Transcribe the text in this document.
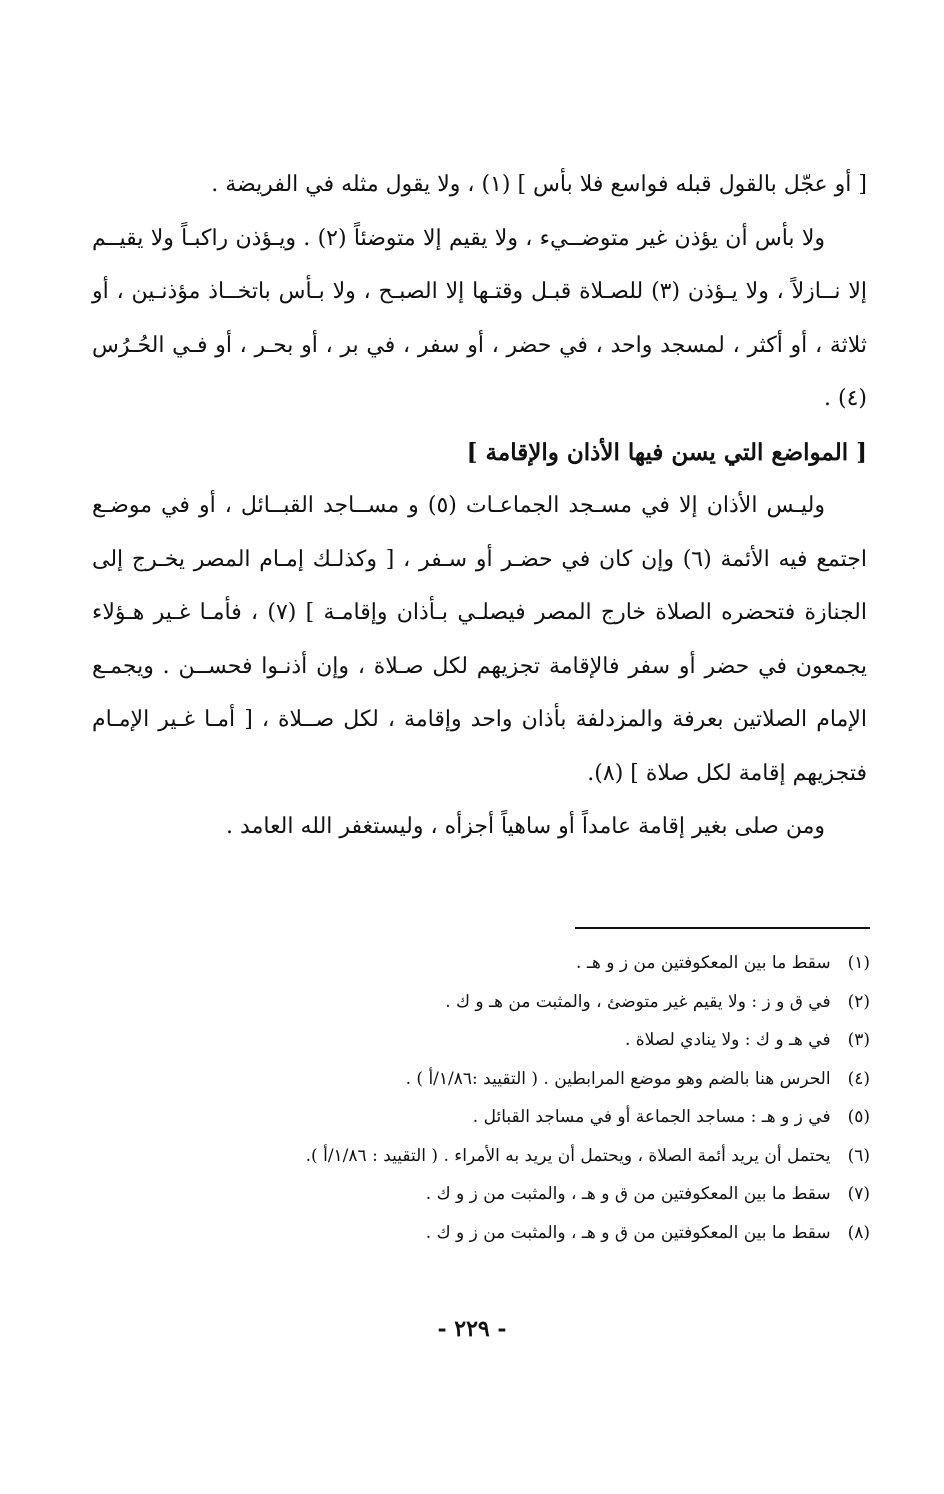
[ أو عجّل بالقول قبله فواسع فلا بأس ] (١) ، ولا يقول مثله في الفريضة .

ولا بأس أن يؤذن غير متوضــيء ، ولا يقيم إلا متوضئاً (٢) . ويـؤذن راكبـاً ولا يقيــم إلا نــازلاً ، ولا يـؤذن (٣) للصـلاة قبـل وقتـها إلا الصبـح ، ولا بـأس باتخــاذ مؤذنـين ، أو ثلاثة ، أو أكثر ، لمسجد واحد ، في حضر ، أو سفر ، في بر ، أو بحـر ، أو فـي الحُـرُس (٤) .

[ المواضع التي يسن فيها الأذان والإقامة ]

وليـس الأذان إلا في مسـجد الجماعـات (٥) و مســاجد القبــائل ، أو في موضـع اجتمع فيه الأئمة (٦) وإن كان في حضـر أو سـفر ، [ وكذلـك إمـام المصر يخـرج إلى الجنازة فتحضره الصلاة خارج المصر فيصلـي بـأذان وإقامـة ] (٧) ، فأمـا غـير هـؤلاء يجمعون في حضر أو سفر فالإقامة تجزيهم لكل صـلاة ، وإن أذنـوا فحســن . ويجمـع الإمام الصلاتين بعرفة والمزدلفة بأذان واحد وإقامة ، لكل صــلاة ، [ أمـا غـير الإمـام فتجزيهم إقامة لكل صلاة ] (٨).

ومن صلى بغير إقامة عامداً أو ساهياً أجزأه ، وليستغفر الله العامد .

(١) سقط ما بين المعكوفتين من ز و هـ .
(٢) في ق و ز : ولا يقيم غير متوضئ ، والمثبت من هـ و ك .
(٣) في هـ و ك : ولا ينادي لصلاة .
(٤) الحرس هنا بالضم وهو موضع المرابطين . ( التقييد :١/٨٦/أ ) .
(٥) في ز و هـ : مساجد الجماعة أو في مساجد القبائل .
(٦) يحتمل أن يريد أئمة الصلاة ، ويحتمل أن يريد به الأمراء . ( التقييد : ١/٨٦/أ ).
(٧) سقط ما بين المعكوفتين من ق و هـ ، والمثبت من ز و ك .
(٨) سقط ما بين المعكوفتين من ق و هـ ، والمثبت من ز و ك .
- ٢٢٩ -
